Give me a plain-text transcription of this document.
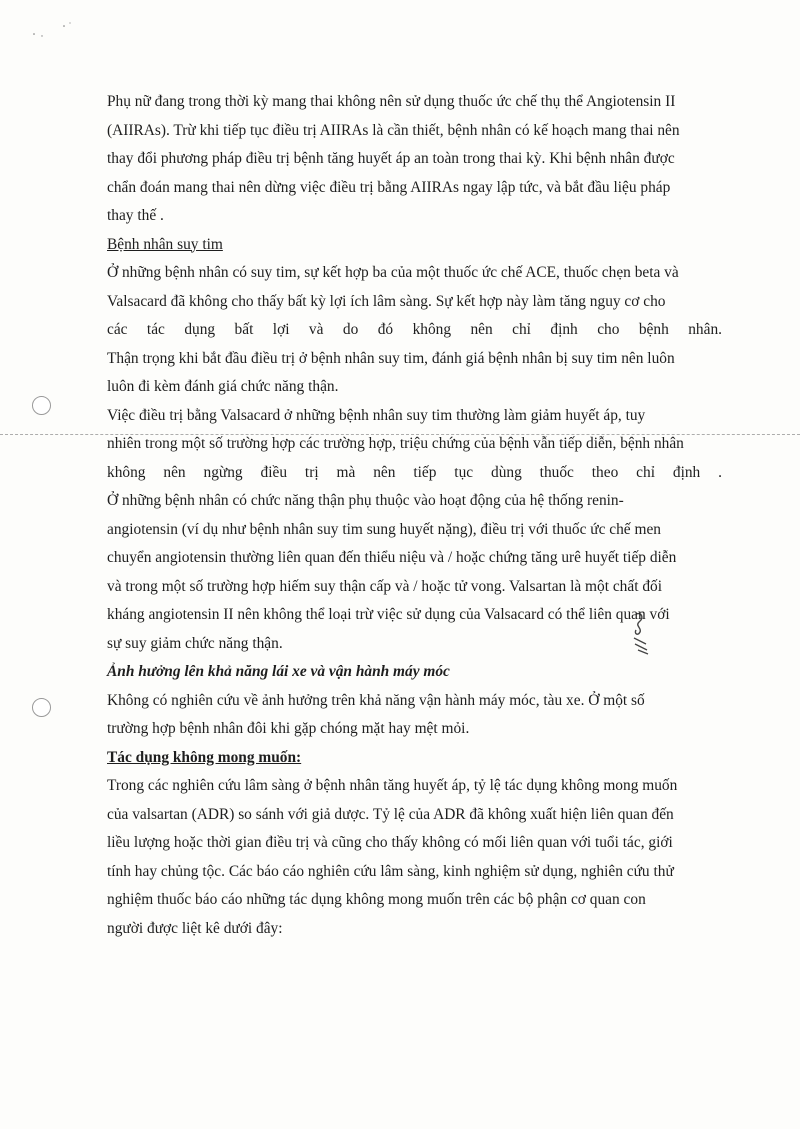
Phụ nữ đang trong thời kỳ mang thai không nên sử dụng thuốc ức chế thụ thể Angiotensin II
(AIIRAs). Trừ khi tiếp tục điều trị AIIRAs là cần thiết, bệnh nhân có kế hoạch mang thai nên
thay đổi phương pháp điều trị bệnh tăng huyết áp an toàn trong thai kỳ. Khi bệnh nhân được
chẩn đoán mang thai nên dừng việc điều trị bằng AIIRAs ngay lập tức, và bắt đầu liệu pháp
thay thế .
Bệnh nhân suy tim
Ở những bệnh nhân có suy tim, sự kết hợp ba của một thuốc ức chế ACE, thuốc chẹn beta và
Valsacard đã không cho thấy bất kỳ lợi ích lâm sàng. Sự kết hợp này làm tăng nguy cơ cho
các tác dụng bất lợi và do đó không nên chỉ định cho bệnh nhân.
Thận trọng khi bắt đầu điều trị ở bệnh nhân suy tim, đánh giá bệnh nhân bị suy tim nên luôn
luôn đi kèm đánh giá chức năng thận.
Việc điều trị bằng Valsacard ở những bệnh nhân suy tim thường làm giảm huyết áp, tuy
nhiên trong một số trường hợp các trường hợp, triệu chứng của bệnh vẫn tiếp diễn, bệnh nhân
không nên ngừng điều trị mà nên tiếp tục dùng thuốc theo chỉ định .
Ở những bệnh nhân có chức năng thận phụ thuộc vào hoạt động của hệ thống renin-
angiotensin (ví dụ như bệnh nhân suy tim sung huyết nặng), điều trị với thuốc ức chế men
chuyển angiotensin thường liên quan đến thiểu niệu và / hoặc chứng tăng urê huyết tiếp diễn
và trong một số trường hợp hiếm suy thận cấp và / hoặc tử vong. Valsartan là một chất đối
kháng angiotensin II nên không thể loại trừ việc sử dụng của Valsacard có thể liên quan với
sự suy giảm chức năng thận.
Ảnh hưởng lên khả năng lái xe và vận hành máy móc
Không có nghiên cứu về ảnh hưởng trên khả năng vận hành máy móc, tàu xe. Ở một số
trường hợp bệnh nhân đôi khi gặp chóng mặt hay mệt mỏi.
Tác dụng không mong muốn:
Trong các nghiên cứu lâm sàng ở bệnh nhân tăng huyết áp, tỷ lệ tác dụng không mong muốn
của valsartan (ADR) so sánh với giả dược. Tỷ lệ của ADR đã không xuất hiện liên quan đến
liều lượng hoặc thời gian điều trị và cũng cho thấy không có mối liên quan với tuổi tác, giới
tính hay chủng tộc. Các báo cáo nghiên cứu lâm sàng, kinh nghiệm sử dụng, nghiên cứu thử
nghiệm thuốc báo cáo những tác dụng không mong muốn trên các bộ phận cơ quan con
người được liệt kê dưới đây:
